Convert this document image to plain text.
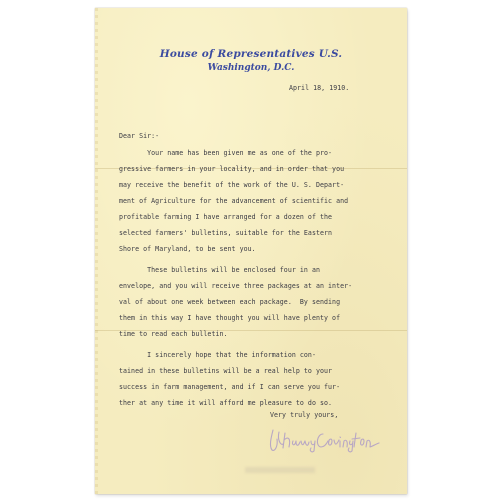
House of Representatives U.S.
Washington, D.C.
April 18, 1910.
Dear Sir:-
Your name has been given me as one of the pro-
gressive farmers in your locality, and in order that you
may receive the benefit of the work of the U. S. Depart-
ment of Agriculture for the advancement of scientific and
profitable farming I have arranged for a dozen of the
selected farmers' bulletins, suitable for the Eastern
Shore of Maryland, to be sent you.
These bulletins will be enclosed four in an
envelope, and you will receive three packages at an inter-
val of about one week between each package.  By sending
them in this way I have thought you will have plenty of
time to read each bulletin.
I sincerely hope that the information con-
tained in these bulletins will be a real help to your
success in farm management, and if I can serve you fur-
ther at any time it will afford me pleasure to do so.
Very truly yours,
